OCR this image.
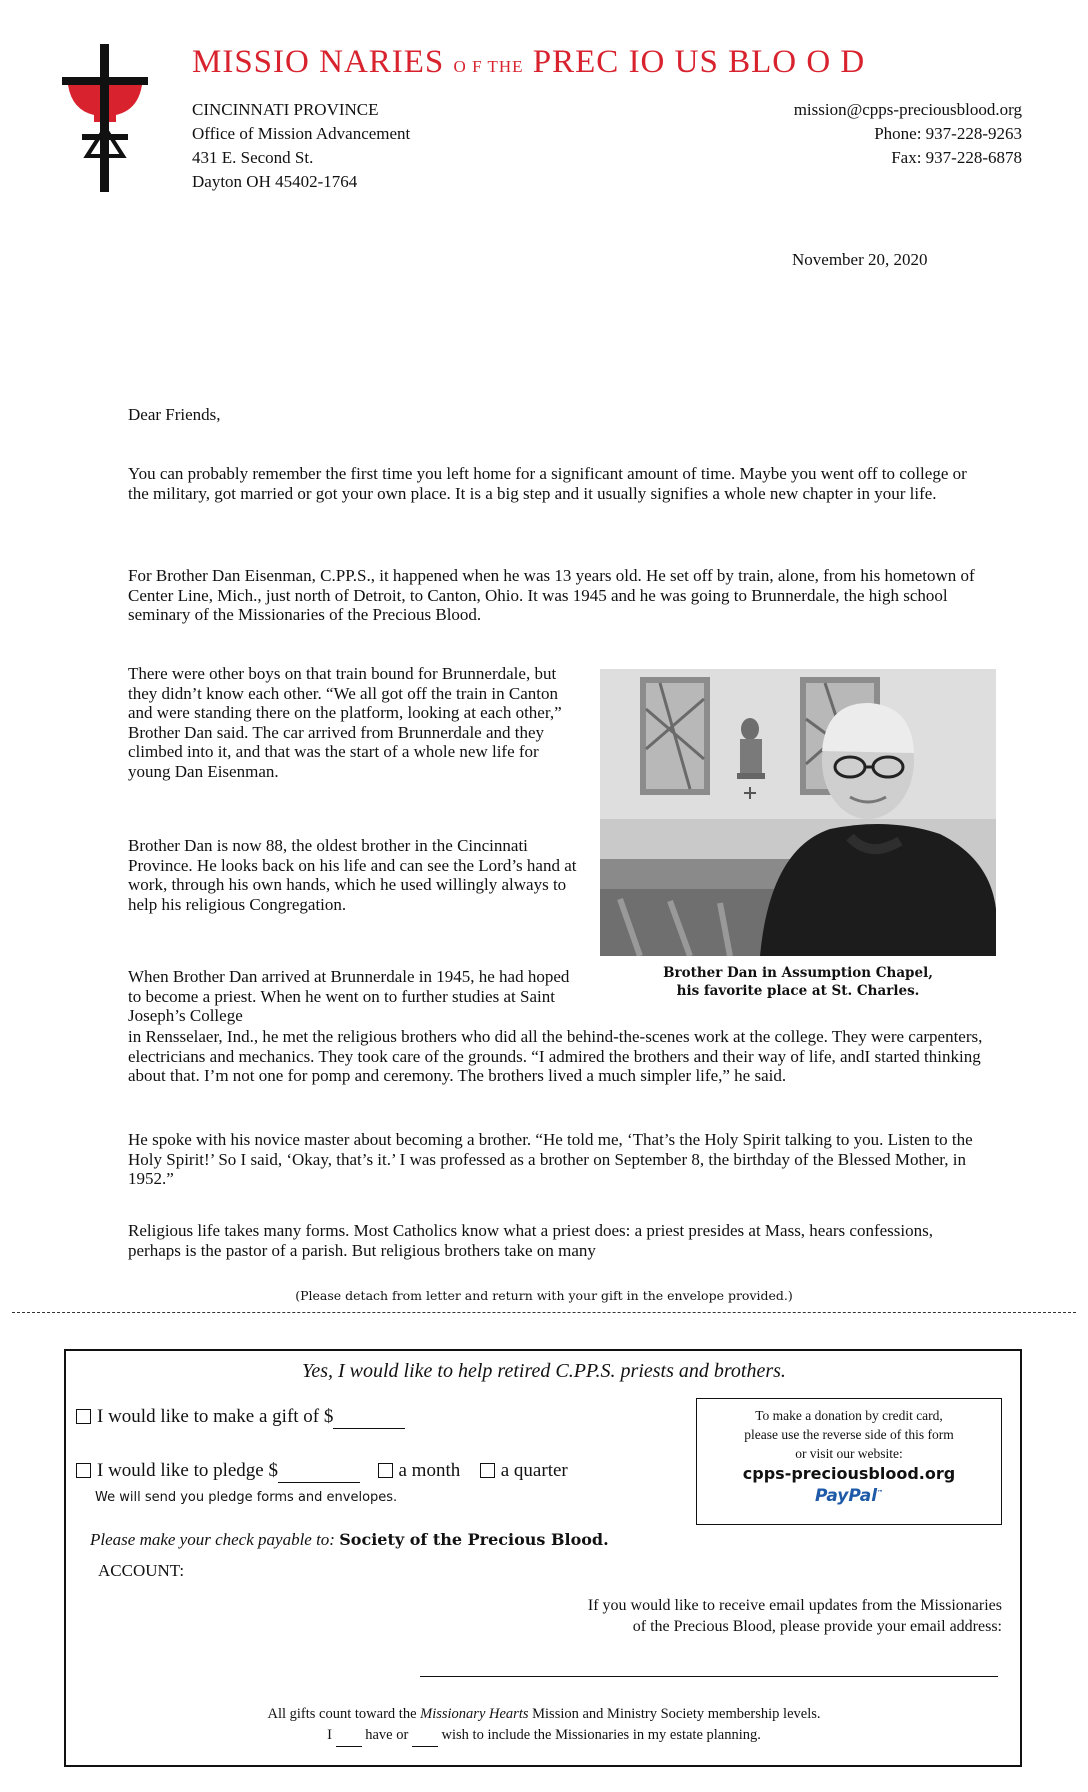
MISSIO NARIES O F THE PREC IO US BLO O D
CINCINNATI PROVINCE
Office of Mission Advancement
431 E. Second St.
Dayton OH 45402-1764
mission@cpps-preciousblood.org
Phone: 937-228-9263
Fax: 937-228-6878
November 20, 2020

Dear Friends,

You can probably remember the first time you left home for a significant amount of time. Maybe you went off to college or the military, got married or got your own place. It is a big step and it usually signifies a whole new chapter in your life.

For Brother Dan Eisenman, C.PP.S., it happened when he was 13 years old. He set off by train, alone, from his hometown of Center Line, Mich., just north of Detroit, to Canton, Ohio. It was 1945 and he was going to Brunnerdale, the high school seminary of the Missionaries of the Precious Blood.

There were other boys on that train bound for Brunnerdale, but they didn’t know each other. “We all got off the train in Canton and were standing there on the platform, looking at each other,” Brother Dan said. The car arrived from Brunnerdale and they climbed into it, and that was the start of a whole new life for young Dan Eisenman.

Brother Dan is now 88, the oldest brother in the Cincinnati Province. He looks back on his life and can see the Lord’s hand at work, through his own hands, which he used willingly always to help his religious Congregation.

When Brother Dan arrived at Brunnerdale in 1945, he had hoped to become a priest. When he went on to further studies at Saint Joseph’s College

in Rensselaer, Ind., he met the religious brothers who did all the behind-the-scenes work at the college. They were carpenters, electricians and mechanics. They took care of the grounds. “I admired the brothers and their way of life, andI started thinking about that. I’m not one for pomp and ceremony. The brothers lived a much simpler life,” he said.

He spoke with his novice master about becoming a brother. “He told me, ‘That’s the Holy Spirit talking to you. Listen to the Holy Spirit!’ So I said, ‘Okay, that’s it.’ I was professed as a brother on September 8, the birthday of the Blessed Mother, in 1952.”

Religious life takes many forms. Most Catholics know what a priest does: a priest presides at Mass, hears confessions, perhaps is the pastor of a parish. But religious brothers take on many

Brother Dan in Assumption Chapel,
his favorite place at St. Charles.
(Please detach from letter and return with your gift in the envelope provided.)
Yes, I would like to help retired C.PP.S. priests and brothers.
I would like to make a gift of $
I would like to pledge $	a month a quarter
We will send you pledge forms and envelopes.
Please make your check payable to: Society of the Precious Blood.
ACCOUNT:
To make a donation by credit card,
please use the reverse side of this form
or visit our website:
cpps-preciousblood.org
PayPal™
If you would like to receive email updates from the Missionaries
of the Precious Blood, please provide your email address:
All gifts count toward the Missionary Hearts Mission and Ministry Society membership levels.
I have or wish to include the Missionaries in my estate planning.
